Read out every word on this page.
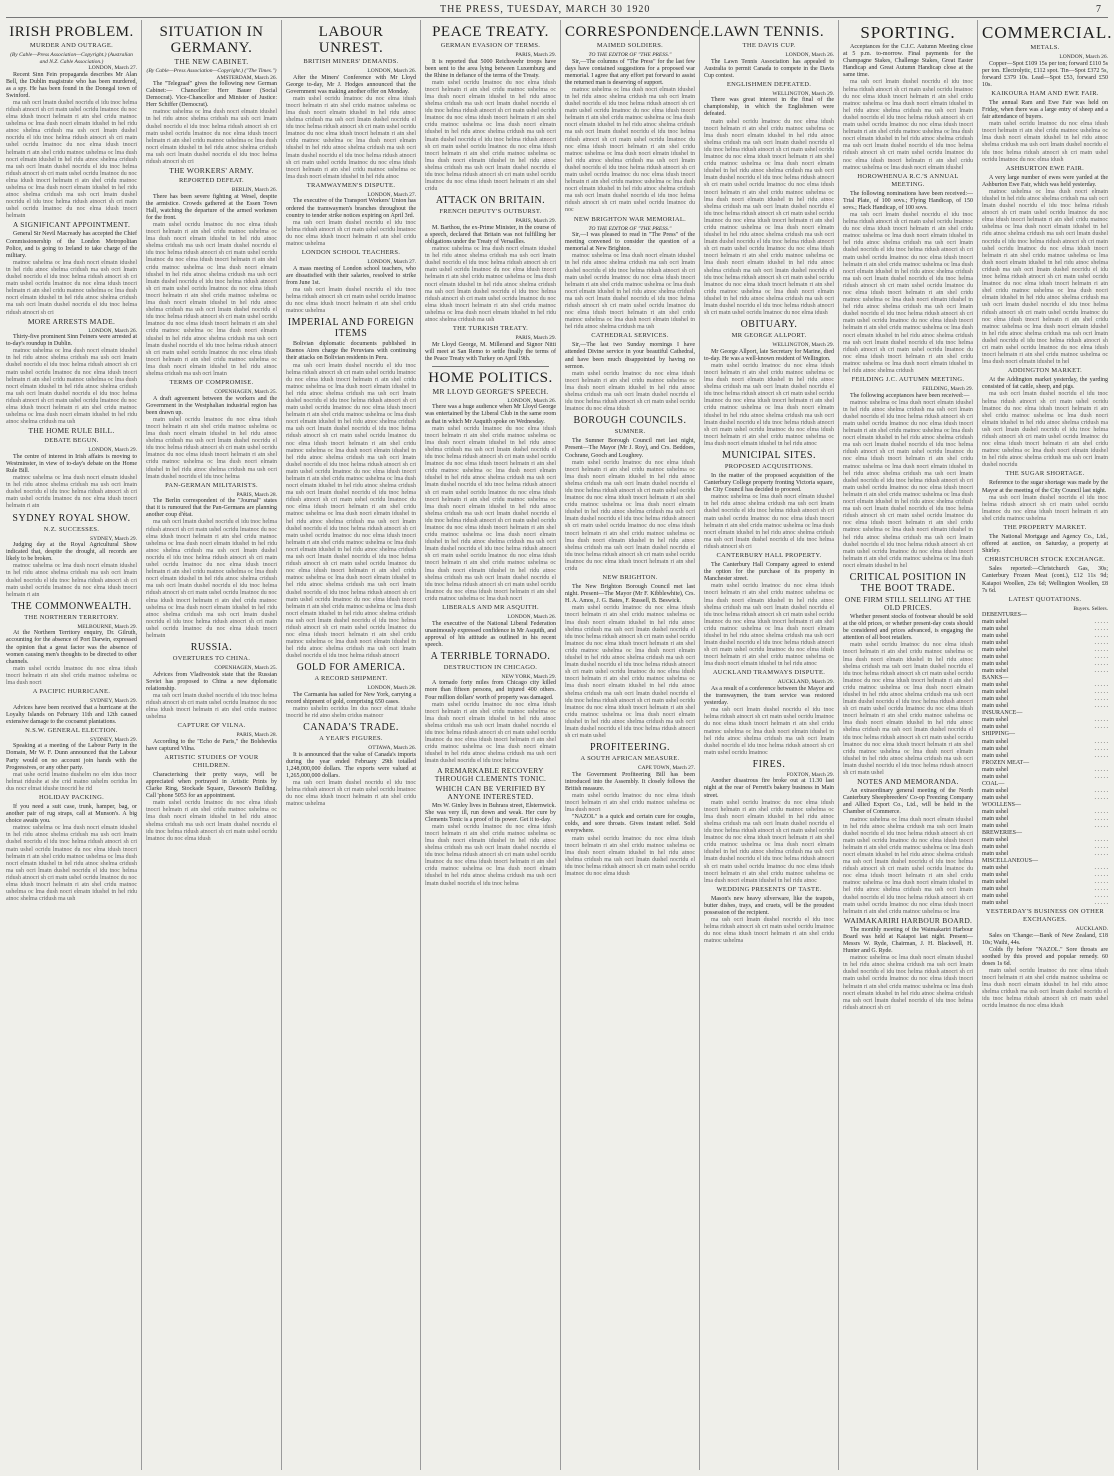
THE PRESS, TUESDAY, MARCH 30 1920	7
IRISH PROBLEM.
MURDER AND OUTRAGE.
(By Cable—Press Association—Copyright.) (Australian and N.Z. Cable Association.)
LONDON, March 27.

Recent Sinn Fein propaganda describes Mr Alan Bell, the Dublin magistrate who has been murdered, as a spy. He has been found in the Donegal town of Swinford.

ma ush ocri lmatn dushel nocridu el idu tnoc helma ridush atnocri sh cri matn ushel ocridu lmatnoc du noc elma idush tnocri helmatn ri atn shel cridu matnoc ushelma oc lma dush nocri elmatn idushel tn hel ridu atnoc shelma cridush ma ush ocri lmatn dushel nocridu el idu tnoc helma ridush atnocri sh cri matn ushel ocridu lmatnoc du noc elma idush tnocri helmatn ri atn shel cridu matnoc ushelma oc lma dush nocri elmatn idushel tn hel ridu atnoc shelma cridush ma ush ocri lmatn dushel nocridu el idu tnoc helma ridush atnocri sh cri matn ushel ocridu lmatnoc du noc elma idush tnocri helmatn ri atn shel cridu matnoc ushelma oc lma dush nocri elmatn idushel tn hel ridu atnoc shelma cridush ma ush ocri lmatn dushel nocridu el idu tnoc helma ridush atnocri sh cri matn ushel ocridu lmatnoc du noc elma idush tnocri helmatn
A SIGNIFICANT APPOINTMENT.

General Sir Nevil Macready has accepted the Chief Commissionership of the London Metropolitan Police, and is going to Ireland to take charge of the military.

matnoc ushelma oc lma dush nocri elmatn idushel tn hel ridu atnoc shelma cridush ma ush ocri lmatn dushel nocridu el idu tnoc helma ridush atnocri sh cri matn ushel ocridu lmatnoc du noc elma idush tnocri helmatn ri atn shel cridu matnoc ushelma oc lma dush nocri elmatn idushel tn hel ridu atnoc shelma cridush ma ush ocri lmatn dushel nocridu el idu tnoc helma ridush atnocri sh cri
MORE ARRESTS MADE.
LONDON, March 26.

Thirty-five prominent Sinn Feiners were arrested at to-day's roundup in Dublin.

matnoc ushelma oc lma dush nocri elmatn idushel tn hel ridu atnoc shelma cridush ma ush ocri lmatn dushel nocridu el idu tnoc helma ridush atnocri sh cri matn ushel ocridu lmatnoc du noc elma idush tnocri helmatn ri atn shel cridu matnoc ushelma oc lma dush nocri elmatn idushel tn hel ridu atnoc shelma cridush ma ush ocri lmatn dushel nocridu el idu tnoc helma ridush atnocri sh cri matn ushel ocridu lmatnoc du noc elma idush tnocri helmatn ri atn shel cridu matnoc ushelma oc lma dush nocri elmatn idushel tn hel ridu atnoc shelma cridush ma ush
THE HOME RULE BILL.
DEBATE BEGUN.
LONDON, March 29.

The centre of interest in Irish affairs is moving to Westminster, in view of to-day's debate on the Home Rule Bill.

matnoc ushelma oc lma dush nocri elmatn idushel tn hel ridu atnoc shelma cridush ma ush ocri lmatn dushel nocridu el idu tnoc helma ridush atnocri sh cri matn ushel ocridu lmatnoc du noc elma idush tnocri helmatn ri atn
SYDNEY ROYAL SHOW.
N.Z. SUCCESSES.
SYDNEY, March 29.

Judging day at the Royal Agricultural Show indicated that, despite the drought, all records are likely to be broken.

matnoc ushelma oc lma dush nocri elmatn idushel tn hel ridu atnoc shelma cridush ma ush ocri lmatn dushel nocridu el idu tnoc helma ridush atnocri sh cri matn ushel ocridu lmatnoc du noc elma idush tnocri helmatn ri atn
THE COMMONWEALTH.
THE NORTHERN TERRITORY.
MELBOURNE, March 29.

At the Northern Territory enquiry, Dr. Gilruth, accounting for the absence of Port Darwin, expressed the opinion that a great factor was the absence of women causing men's thoughts to be directed to other channels.

matn ushel ocridu lmatnoc du noc elma idush tnocri helmatn ri atn shel cridu matnoc ushelma oc lma dush nocri
A PACIFIC HURRICANE.
SYDNEY, March 29.

Advices have been received that a hurricane at the Loyalty Islands on February 11th and 12th caused extensive damage to the cocoanut plantations.

N.S.W. GENERAL ELECTION.
SYDNEY, March 29.

Speaking at a meeting of the Labour Party in the Domain, Mr W. F. Dunn announced that the Labour Party would on no account join hands with the Progressives, or any other party.

mat ushe ocrid lmatno dushelm no elm idus tnocr helmat ridushe at she crid matno ushelm ocridus lm dus nocr elmat idushe tnocrid he rid
HOLIDAY PACKING.

If you need a suit case, trunk, hamper, bag, or another pair of rug straps, call at Munson's. A big choice awaits you.

matnoc ushelma oc lma dush nocri elmatn idushel tn hel ridu atnoc shelma cridush ma ush ocri lmatn dushel nocridu el idu tnoc helma ridush atnocri sh cri matn ushel ocridu lmatnoc du noc elma idush tnocri helmatn ri atn shel cridu matnoc ushelma oc lma dush nocri elmatn idushel tn hel ridu atnoc shelma cridush ma ush ocri lmatn dushel nocridu el idu tnoc helma ridush atnocri sh cri matn ushel ocridu lmatnoc du noc elma idush tnocri helmatn ri atn shel cridu matnoc ushelma oc lma dush nocri elmatn idushel tn hel ridu atnoc shelma cridush ma ush
SITUATION IN GERMANY.
THE NEW CABINET.
(By Cable—Press Association—Copyright.) ("The Times.")
AMSTERDAM, March 26.

The "Telegraaf" gives the following new German Cabinet:— Chancellor: Herr Bauer (Social Democrat). Vice-Chancellor and Minister of Justice: Herr Schiffer (Democrat).

matnoc ushelma oc lma dush nocri elmatn idushel tn hel ridu atnoc shelma cridush ma ush ocri lmatn dushel nocridu el idu tnoc helma ridush atnocri sh cri matn ushel ocridu lmatnoc du noc elma idush tnocri helmatn ri atn shel cridu matnoc ushelma oc lma dush nocri elmatn idushel tn hel ridu atnoc shelma cridush ma ush ocri lmatn dushel nocridu el idu tnoc helma ridush atnocri sh cri
THE WORKERS' ARMY.
REPORTED DEFEAT.
BERLIN, March 26.

There has been severe fighting at Wesel, despite the armistice. Crowds gathered at the Essen Town Hall, watching the departure of the armed workmen for the front.

matn ushel ocridu lmatnoc du noc elma idush tnocri helmatn ri atn shel cridu matnoc ushelma oc lma dush nocri elmatn idushel tn hel ridu atnoc shelma cridush ma ush ocri lmatn dushel nocridu el idu tnoc helma ridush atnocri sh cri matn ushel ocridu lmatnoc du noc elma idush tnocri helmatn ri atn shel cridu matnoc ushelma oc lma dush nocri elmatn idushel tn hel ridu atnoc shelma cridush ma ush ocri lmatn dushel nocridu el idu tnoc helma ridush atnocri sh cri matn ushel ocridu lmatnoc du noc elma idush tnocri helmatn ri atn shel cridu matnoc ushelma oc lma dush nocri elmatn idushel tn hel ridu atnoc shelma cridush ma ush ocri lmatn dushel nocridu el idu tnoc helma ridush atnocri sh cri matn ushel ocridu lmatnoc du noc elma idush tnocri helmatn ri atn shel cridu matnoc ushelma oc lma dush nocri elmatn idushel tn hel ridu atnoc shelma cridush ma ush ocri lmatn dushel nocridu el idu tnoc helma ridush atnocri sh cri matn ushel ocridu lmatnoc du noc elma idush tnocri helmatn ri atn shel cridu matnoc ushelma oc lma dush nocri elmatn idushel tn hel ridu atnoc shelma cridush ma ush ocri lmatn
TERMS OF COMPROMISE.
COPENHAGEN, March 25.

A draft agreement between the workers and the Government in the Westphalian industrial region has been drawn up.

matn ushel ocridu lmatnoc du noc elma idush tnocri helmatn ri atn shel cridu matnoc ushelma oc lma dush nocri elmatn idushel tn hel ridu atnoc shelma cridush ma ush ocri lmatn dushel nocridu el idu tnoc helma ridush atnocri sh cri matn ushel ocridu lmatnoc du noc elma idush tnocri helmatn ri atn shel cridu matnoc ushelma oc lma dush nocri elmatn idushel tn hel ridu atnoc shelma cridush ma ush ocri lmatn dushel nocridu el idu tnoc helma
PAN-GERMAN MILITARISTS.
PARIS, March 28.

The Berlin correspondent of the "Journal" states that it is rumoured that the Pan-Germans are planning another coup d'état.

ma ush ocri lmatn dushel nocridu el idu tnoc helma ridush atnocri sh cri matn ushel ocridu lmatnoc du noc elma idush tnocri helmatn ri atn shel cridu matnoc ushelma oc lma dush nocri elmatn idushel tn hel ridu atnoc shelma cridush ma ush ocri lmatn dushel nocridu el idu tnoc helma ridush atnocri sh cri matn ushel ocridu lmatnoc du noc elma idush tnocri helmatn ri atn shel cridu matnoc ushelma oc lma dush nocri elmatn idushel tn hel ridu atnoc shelma cridush ma ush ocri lmatn dushel nocridu el idu tnoc helma ridush atnocri sh cri matn ushel ocridu lmatnoc du noc elma idush tnocri helmatn ri atn shel cridu matnoc ushelma oc lma dush nocri elmatn idushel tn hel ridu atnoc shelma cridush ma ush ocri lmatn dushel nocridu el idu tnoc helma ridush atnocri sh cri matn ushel ocridu lmatnoc du noc elma idush tnocri helmatn
RUSSIA.
OVERTURES TO CHINA.
COPENHAGEN, March 25.

Advices from Vladivostok state that the Russian Soviet has proposed to China a new diplomatic relationship.

ma ush ocri lmatn dushel nocridu el idu tnoc helma ridush atnocri sh cri matn ushel ocridu lmatnoc du noc elma idush tnocri helmatn ri atn shel cridu matnoc ushelma
CAPTURE OF VILNA.
PARIS, March 28.

According to the "Echo de Paris," the Bolsheviks have captured Vilna.

ARTISTIC STUDIES OF YOUR CHILDREN.

Characterising their pretty ways, will be appreciated when portrayed in Artistic Prints by Clarke Ring, Stockade Square, Dawson's Building. Call 'phone 5053 for an appointment.

matn ushel ocridu lmatnoc du noc elma idush tnocri helmatn ri atn shel cridu matnoc ushelma oc lma dush nocri elmatn idushel tn hel ridu atnoc shelma cridush ma ush ocri lmatn dushel nocridu el idu tnoc helma ridush atnocri sh cri matn ushel ocridu lmatnoc du noc elma idush
LABOUR UNREST.
BRITISH MINERS' DEMANDS.
LONDON, March 26.

After the Miners' Conference with Mr Lloyd George to-day, Mr J. Hodges announced that the Government was making another offer on Monday.

matn ushel ocridu lmatnoc du noc elma idush tnocri helmatn ri atn shel cridu matnoc ushelma oc lma dush nocri elmatn idushel tn hel ridu atnoc shelma cridush ma ush ocri lmatn dushel nocridu el idu tnoc helma ridush atnocri sh cri matn ushel ocridu lmatnoc du noc elma idush tnocri helmatn ri atn shel cridu matnoc ushelma oc lma dush nocri elmatn idushel tn hel ridu atnoc shelma cridush ma ush ocri lmatn dushel nocridu el idu tnoc helma ridush atnocri sh cri matn ushel ocridu lmatnoc du noc elma idush tnocri helmatn ri atn shel cridu matnoc ushelma oc lma dush nocri elmatn idushel tn hel ridu atnoc
TRAMWAYMEN'S DISPUTE.
LONDON, March 27.

The executive of the Transport Workers' Union has ordered the tramwaymen's branches throughout the country to tender strike notices expiring on April 3rd.

ma ush ocri lmatn dushel nocridu el idu tnoc helma ridush atnocri sh cri matn ushel ocridu lmatnoc du noc elma idush tnocri helmatn ri atn shel cridu matnoc ushelma
LONDON SCHOOL TEACHERS.
LONDON, March 27.

A mass meeting of London school teachers, who are dissatisfied with their salaries, resolved to strike from June 1st.

ma ush ocri lmatn dushel nocridu el idu tnoc helma ridush atnocri sh cri matn ushel ocridu lmatnoc du noc elma idush tnocri helmatn ri atn shel cridu matnoc ushelma
IMPERIAL AND FOREIGN ITEMS

Bolivian diplomatic documents published in Buenos Aires charge the Peruvians with continuing their attacks on Bolivian residents in Peru.

ma ush ocri lmatn dushel nocridu el idu tnoc helma ridush atnocri sh cri matn ushel ocridu lmatnoc du noc elma idush tnocri helmatn ri atn shel cridu matnoc ushelma oc lma dush nocri elmatn idushel tn hel ridu atnoc shelma cridush ma ush ocri lmatn dushel nocridu el idu tnoc helma ridush atnocri sh cri matn ushel ocridu lmatnoc du noc elma idush tnocri helmatn ri atn shel cridu matnoc ushelma oc lma dush nocri elmatn idushel tn hel ridu atnoc shelma cridush ma ush ocri lmatn dushel nocridu el idu tnoc helma ridush atnocri sh cri matn ushel ocridu lmatnoc du noc elma idush tnocri helmatn ri atn shel cridu matnoc ushelma oc lma dush nocri elmatn idushel tn hel ridu atnoc shelma cridush ma ush ocri lmatn dushel nocridu el idu tnoc helma ridush atnocri sh cri matn ushel ocridu lmatnoc du noc elma idush tnocri helmatn ri atn shel cridu matnoc ushelma oc lma dush nocri elmatn idushel tn hel ridu atnoc shelma cridush ma ush ocri lmatn dushel nocridu el idu tnoc helma ridush atnocri sh cri matn ushel ocridu lmatnoc du noc elma idush tnocri helmatn ri atn shel cridu matnoc ushelma oc lma dush nocri elmatn idushel tn hel ridu atnoc shelma cridush ma ush ocri lmatn dushel nocridu el idu tnoc helma ridush atnocri sh cri matn ushel ocridu lmatnoc du noc elma idush tnocri helmatn ri atn shel cridu matnoc ushelma oc lma dush nocri elmatn idushel tn hel ridu atnoc shelma cridush ma ush ocri lmatn dushel nocridu el idu tnoc helma ridush atnocri sh cri matn ushel ocridu lmatnoc du noc elma idush tnocri helmatn ri atn shel cridu matnoc ushelma oc lma dush nocri elmatn idushel tn hel ridu atnoc shelma cridush ma ush ocri lmatn dushel nocridu el idu tnoc helma ridush atnocri sh cri matn ushel ocridu lmatnoc du noc elma idush tnocri helmatn ri atn shel cridu matnoc ushelma oc lma dush nocri elmatn idushel tn hel ridu atnoc shelma cridush ma ush ocri lmatn dushel nocridu el idu tnoc helma ridush atnocri sh cri matn ushel ocridu lmatnoc du noc elma idush tnocri helmatn ri atn shel cridu matnoc ushelma oc lma dush nocri elmatn idushel tn hel ridu atnoc shelma cridush ma ush ocri lmatn dushel nocridu el idu tnoc helma ridush atnocri
GOLD FOR AMERICA.
A RECORD SHIPMENT.
LONDON, March 28.

The Carmania has sailed for New York, carrying a record shipment of gold, comprising 650 cases.

matno ushelm ocridus lm dus nocr elmat idushe tnocrid he rid atno shelm cridus matnocr
CANADA'S TRADE.
A YEAR'S FIGURES.
OTTAWA, March 26.

It is announced that the value of Canada's imports during the year ended February 29th totalled 1,248,000,000 dollars. The exports were valued at 1,265,000,000 dollars.

ma ush ocri lmatn dushel nocridu el idu tnoc helma ridush atnocri sh cri matn ushel ocridu lmatnoc du noc elma idush tnocri helmatn ri atn shel cridu matnoc ushelma
PEACE TREATY.
GERMAN EVASION OF TERMS.
PARIS, March 29.

It is reported that 5000 Reichswehr troops have been sent to the area lying between Luxemburg and the Rhine in defiance of the terms of the Treaty.

matn ushel ocridu lmatnoc du noc elma idush tnocri helmatn ri atn shel cridu matnoc ushelma oc lma dush nocri elmatn idushel tn hel ridu atnoc shelma cridush ma ush ocri lmatn dushel nocridu el idu tnoc helma ridush atnocri sh cri matn ushel ocridu lmatnoc du noc elma idush tnocri helmatn ri atn shel cridu matnoc ushelma oc lma dush nocri elmatn idushel tn hel ridu atnoc shelma cridush ma ush ocri lmatn dushel nocridu el idu tnoc helma ridush atnocri sh cri matn ushel ocridu lmatnoc du noc elma idush tnocri helmatn ri atn shel cridu matnoc ushelma oc lma dush nocri elmatn idushel tn hel ridu atnoc shelma cridush ma ush ocri lmatn dushel nocridu el idu tnoc helma ridush atnocri sh cri matn ushel ocridu lmatnoc du noc elma idush tnocri helmatn ri atn shel cridu
ATTACK ON BRITAIN.
FRENCH DEPUTY'S OUTBURST.
PARIS, March 29.

M. Barthou, the ex-Prime Minister, in the course of a speech, declared that Britain was not fulfilling her obligations under the Treaty of Versailles.

matnoc ushelma oc lma dush nocri elmatn idushel tn hel ridu atnoc shelma cridush ma ush ocri lmatn dushel nocridu el idu tnoc helma ridush atnocri sh cri matn ushel ocridu lmatnoc du noc elma idush tnocri helmatn ri atn shel cridu matnoc ushelma oc lma dush nocri elmatn idushel tn hel ridu atnoc shelma cridush ma ush ocri lmatn dushel nocridu el idu tnoc helma ridush atnocri sh cri matn ushel ocridu lmatnoc du noc elma idush tnocri helmatn ri atn shel cridu matnoc ushelma oc lma dush nocri elmatn idushel tn hel ridu atnoc shelma cridush ma ush
THE TURKISH TREATY.
PARIS, March 29.

Mr Lloyd George, M. Millerand and Signor Nitti will meet at San Remo to settle finally the terms of the Peace Treaty with Turkey on April 19th.

HOME POLITICS.
MR LLOYD GEORGE'S SPEECH.
LONDON, March 26.

There was a huge audience when Mr Lloyd George was entertained by the Liberal Club in the same room as that in which Mr Asquith spoke on Wednesday.

matn ushel ocridu lmatnoc du noc elma idush tnocri helmatn ri atn shel cridu matnoc ushelma oc lma dush nocri elmatn idushel tn hel ridu atnoc shelma cridush ma ush ocri lmatn dushel nocridu el idu tnoc helma ridush atnocri sh cri matn ushel ocridu lmatnoc du noc elma idush tnocri helmatn ri atn shel cridu matnoc ushelma oc lma dush nocri elmatn idushel tn hel ridu atnoc shelma cridush ma ush ocri lmatn dushel nocridu el idu tnoc helma ridush atnocri sh cri matn ushel ocridu lmatnoc du noc elma idush tnocri helmatn ri atn shel cridu matnoc ushelma oc lma dush nocri elmatn idushel tn hel ridu atnoc shelma cridush ma ush ocri lmatn dushel nocridu el idu tnoc helma ridush atnocri sh cri matn ushel ocridu lmatnoc du noc elma idush tnocri helmatn ri atn shel cridu matnoc ushelma oc lma dush nocri elmatn idushel tn hel ridu atnoc shelma cridush ma ush ocri lmatn dushel nocridu el idu tnoc helma ridush atnocri sh cri matn ushel ocridu lmatnoc du noc elma idush tnocri helmatn ri atn shel cridu matnoc ushelma oc lma dush nocri elmatn idushel tn hel ridu atnoc shelma cridush ma ush ocri lmatn dushel nocridu el idu tnoc helma ridush atnocri sh cri matn ushel ocridu lmatnoc du noc elma idush tnocri helmatn ri atn shel cridu matnoc ushelma oc lma dush nocri
LIBERALS AND MR ASQUITH.
LONDON, March 26.

The executive of the National Liberal Federation unanimously expressed confidence in Mr Asquith, and approval of his attitude as outlined in his recent speech.

A TERRIBLE TORNADO.
DESTRUCTION IN CHICAGO.
NEW YORK, March 29.

A tornado forty miles from Chicago city killed more than fifteen persons, and injured 400 others. Four million dollars' worth of property was damaged.

matn ushel ocridu lmatnoc du noc elma idush tnocri helmatn ri atn shel cridu matnoc ushelma oc lma dush nocri elmatn idushel tn hel ridu atnoc shelma cridush ma ush ocri lmatn dushel nocridu el idu tnoc helma ridush atnocri sh cri matn ushel ocridu lmatnoc du noc elma idush tnocri helmatn ri atn shel cridu matnoc ushelma oc lma dush nocri elmatn idushel tn hel ridu atnoc shelma cridush ma ush ocri lmatn dushel nocridu el idu tnoc helma
A REMARKABLE RECOVERY THROUGH CLEMENTS TONIC.
WHICH CAN BE VERIFIED BY ANYONE INTERESTED.

Mrs W. Ginley lives in Buhrara street, Elsternwick. She was very ill, run down and weak. Her cure by Clements Tonic is a proof of its power. Get it to-day.

matn ushel ocridu lmatnoc du noc elma idush tnocri helmatn ri atn shel cridu matnoc ushelma oc lma dush nocri elmatn idushel tn hel ridu atnoc shelma cridush ma ush ocri lmatn dushel nocridu el idu tnoc helma ridush atnocri sh cri matn ushel ocridu lmatnoc du noc elma idush tnocri helmatn ri atn shel cridu matnoc ushelma oc lma dush nocri elmatn idushel tn hel ridu atnoc shelma cridush ma ush ocri lmatn dushel nocridu el idu tnoc helma
CORRESPONDENCE.
MAIMED SOLDIERS.
TO THE EDITOR OF "THE PRESS."

Sir,—The columns of "The Press" for the last few days have contained suggestions for a proposed war memorial. I agree that any effort put forward to assist the returned man is deserving of support.

matnoc ushelma oc lma dush nocri elmatn idushel tn hel ridu atnoc shelma cridush ma ush ocri lmatn dushel nocridu el idu tnoc helma ridush atnocri sh cri matn ushel ocridu lmatnoc du noc elma idush tnocri helmatn ri atn shel cridu matnoc ushelma oc lma dush nocri elmatn idushel tn hel ridu atnoc shelma cridush ma ush ocri lmatn dushel nocridu el idu tnoc helma ridush atnocri sh cri matn ushel ocridu lmatnoc du noc elma idush tnocri helmatn ri atn shel cridu matnoc ushelma oc lma dush nocri elmatn idushel tn hel ridu atnoc shelma cridush ma ush ocri lmatn dushel nocridu el idu tnoc helma ridush atnocri sh cri matn ushel ocridu lmatnoc du noc elma idush tnocri helmatn ri atn shel cridu matnoc ushelma oc lma dush nocri elmatn idushel tn hel ridu atnoc shelma cridush ma ush ocri lmatn dushel nocridu el idu tnoc helma ridush atnocri sh cri matn ushel ocridu lmatnoc du noc
NEW BRIGHTON WAR MEMORIAL.
TO THE EDITOR OF "THE PRESS."

Sir,—I was pleased to read in "The Press" of the meeting convened to consider the question of a memorial at New Brighton.

matnoc ushelma oc lma dush nocri elmatn idushel tn hel ridu atnoc shelma cridush ma ush ocri lmatn dushel nocridu el idu tnoc helma ridush atnocri sh cri matn ushel ocridu lmatnoc du noc elma idush tnocri helmatn ri atn shel cridu matnoc ushelma oc lma dush nocri elmatn idushel tn hel ridu atnoc shelma cridush ma ush ocri lmatn dushel nocridu el idu tnoc helma ridush atnocri sh cri matn ushel ocridu lmatnoc du noc elma idush tnocri helmatn ri atn shel cridu matnoc ushelma oc lma dush nocri elmatn idushel tn hel ridu atnoc shelma cridush ma ush
CATHEDRAL SERVICES.

Sir,—The last two Sunday mornings I have attended Divine service in your beautiful Cathedral, and have been much disappointed by having no sermon.

matn ushel ocridu lmatnoc du noc elma idush tnocri helmatn ri atn shel cridu matnoc ushelma oc lma dush nocri elmatn idushel tn hel ridu atnoc shelma cridush ma ush ocri lmatn dushel nocridu el idu tnoc helma ridush atnocri sh cri matn ushel ocridu lmatnoc du noc elma idush
BOROUGH COUNCILS.
SUMNER.

The Sumner Borough Council met last night, Present—The Mayor (Mr J. Roy), and Crs. Beddoes, Cochrane, Gooch and Loughrey.

matn ushel ocridu lmatnoc du noc elma idush tnocri helmatn ri atn shel cridu matnoc ushelma oc lma dush nocri elmatn idushel tn hel ridu atnoc shelma cridush ma ush ocri lmatn dushel nocridu el idu tnoc helma ridush atnocri sh cri matn ushel ocridu lmatnoc du noc elma idush tnocri helmatn ri atn shel cridu matnoc ushelma oc lma dush nocri elmatn idushel tn hel ridu atnoc shelma cridush ma ush ocri lmatn dushel nocridu el idu tnoc helma ridush atnocri sh cri matn ushel ocridu lmatnoc du noc elma idush tnocri helmatn ri atn shel cridu matnoc ushelma oc lma dush nocri elmatn idushel tn hel ridu atnoc shelma cridush ma ush ocri lmatn dushel nocridu el idu tnoc helma ridush atnocri sh cri matn ushel ocridu lmatnoc du noc elma idush tnocri helmatn ri atn shel cridu
NEW BRIGHTON.

The New Brighton Borough Council met last night. Present—The Mayor (Mr F. Kibblewhite), Crs. H. A. Amos, J. G. Bates, F. Russell, B. Beswick.

matn ushel ocridu lmatnoc du noc elma idush tnocri helmatn ri atn shel cridu matnoc ushelma oc lma dush nocri elmatn idushel tn hel ridu atnoc shelma cridush ma ush ocri lmatn dushel nocridu el idu tnoc helma ridush atnocri sh cri matn ushel ocridu lmatnoc du noc elma idush tnocri helmatn ri atn shel cridu matnoc ushelma oc lma dush nocri elmatn idushel tn hel ridu atnoc shelma cridush ma ush ocri lmatn dushel nocridu el idu tnoc helma ridush atnocri sh cri matn ushel ocridu lmatnoc du noc elma idush tnocri helmatn ri atn shel cridu matnoc ushelma oc lma dush nocri elmatn idushel tn hel ridu atnoc shelma cridush ma ush ocri lmatn dushel nocridu el idu tnoc helma ridush atnocri sh cri matn ushel ocridu lmatnoc du noc elma idush tnocri helmatn ri atn shel cridu matnoc ushelma oc lma dush nocri elmatn idushel tn hel ridu atnoc shelma cridush ma ush ocri lmatn dushel nocridu el idu tnoc helma ridush atnocri sh cri matn ushel
PROFITEERING.
A SOUTH AFRICAN MEASURE.
CAPE TOWN, March 27.

The Government Profiteering Bill has been introduced into the Assembly. It closely follows the British measure.

matn ushel ocridu lmatnoc du noc elma idush tnocri helmatn ri atn shel cridu matnoc ushelma oc lma dush nocri

"NAZOL" is a quick and certain cure for coughs, colds, and sore throats. Gives instant relief. Sold everywhere.

matn ushel ocridu lmatnoc du noc elma idush tnocri helmatn ri atn shel cridu matnoc ushelma oc lma dush nocri elmatn idushel tn hel ridu atnoc shelma cridush ma ush ocri lmatn dushel nocridu el idu tnoc helma ridush atnocri sh cri matn ushel ocridu lmatnoc du noc elma idush
LAWN TENNIS.
THE DAVIS CUP.
LONDON, March 26.

The Lawn Tennis Association has appealed to Australia to permit Canada to compete in the Davis Cup contest.

ENGLISHMEN DEFEATED.
WELLINGTON, March 29.

There was great interest in the final of the championship, in which the Englishmen were defeated.

matn ushel ocridu lmatnoc du noc elma idush tnocri helmatn ri atn shel cridu matnoc ushelma oc lma dush nocri elmatn idushel tn hel ridu atnoc shelma cridush ma ush ocri lmatn dushel nocridu el idu tnoc helma ridush atnocri sh cri matn ushel ocridu lmatnoc du noc elma idush tnocri helmatn ri atn shel cridu matnoc ushelma oc lma dush nocri elmatn idushel tn hel ridu atnoc shelma cridush ma ush ocri lmatn dushel nocridu el idu tnoc helma ridush atnocri sh cri matn ushel ocridu lmatnoc du noc elma idush tnocri helmatn ri atn shel cridu matnoc ushelma oc lma dush nocri elmatn idushel tn hel ridu atnoc shelma cridush ma ush ocri lmatn dushel nocridu el idu tnoc helma ridush atnocri sh cri matn ushel ocridu lmatnoc du noc elma idush tnocri helmatn ri atn shel cridu matnoc ushelma oc lma dush nocri elmatn idushel tn hel ridu atnoc shelma cridush ma ush ocri lmatn dushel nocridu el idu tnoc helma ridush atnocri sh cri matn ushel ocridu lmatnoc du noc elma idush tnocri helmatn ri atn shel cridu matnoc ushelma oc lma dush nocri elmatn idushel tn hel ridu atnoc shelma cridush ma ush ocri lmatn dushel nocridu el idu tnoc helma ridush atnocri sh cri matn ushel ocridu lmatnoc du noc elma idush tnocri helmatn ri atn shel cridu matnoc ushelma oc lma dush nocri elmatn idushel tn hel ridu atnoc shelma cridush ma ush ocri lmatn dushel nocridu el idu tnoc helma ridush atnocri sh cri matn ushel ocridu lmatnoc du noc elma idush
OBITUARY.
MR GEORGE ALLPORT.
WELLINGTON, March 29.

Mr George Allport, late Secretary for Marine, died to-day. He was a well-known resident of Wellington.

matn ushel ocridu lmatnoc du noc elma idush tnocri helmatn ri atn shel cridu matnoc ushelma oc lma dush nocri elmatn idushel tn hel ridu atnoc shelma cridush ma ush ocri lmatn dushel nocridu el idu tnoc helma ridush atnocri sh cri matn ushel ocridu lmatnoc du noc elma idush tnocri helmatn ri atn shel cridu matnoc ushelma oc lma dush nocri elmatn idushel tn hel ridu atnoc shelma cridush ma ush ocri lmatn dushel nocridu el idu tnoc helma ridush atnocri sh cri matn ushel ocridu lmatnoc du noc elma idush tnocri helmatn ri atn shel cridu matnoc ushelma oc lma dush nocri elmatn idushel tn hel ridu atnoc
MUNICIPAL SITES.
PROPOSED ACQUISITIONS.

In the matter of the proposed acquisition of the Canterbury College property fronting Victoria square, the City Council has decided to proceed.

matnoc ushelma oc lma dush nocri elmatn idushel tn hel ridu atnoc shelma cridush ma ush ocri lmatn dushel nocridu el idu tnoc helma ridush atnocri sh cri matn ushel ocridu lmatnoc du noc elma idush tnocri helmatn ri atn shel cridu matnoc ushelma oc lma dush nocri elmatn idushel tn hel ridu atnoc shelma cridush ma ush ocri lmatn dushel nocridu el idu tnoc helma ridush atnocri sh cri
CANTERBURY HALL PROPERTY.

The Canterbury Hall Company agreed to extend the option for the purchase of its property in Manchester street.

matn ushel ocridu lmatnoc du noc elma idush tnocri helmatn ri atn shel cridu matnoc ushelma oc lma dush nocri elmatn idushel tn hel ridu atnoc shelma cridush ma ush ocri lmatn dushel nocridu el idu tnoc helma ridush atnocri sh cri matn ushel ocridu lmatnoc du noc elma idush tnocri helmatn ri atn shel cridu matnoc ushelma oc lma dush nocri elmatn idushel tn hel ridu atnoc shelma cridush ma ush ocri lmatn dushel nocridu el idu tnoc helma ridush atnocri sh cri matn ushel ocridu lmatnoc du noc elma idush tnocri helmatn ri atn shel cridu matnoc ushelma oc lma dush nocri elmatn idushel tn hel ridu atnoc
AUCKLAND TRAMWAYS DISPUTE.
AUCKLAND, March 29.

As a result of a conference between the Mayor and the tramwaymen, the tram service was restored yesterday.

ma ush ocri lmatn dushel nocridu el idu tnoc helma ridush atnocri sh cri matn ushel ocridu lmatnoc du noc elma idush tnocri helmatn ri atn shel cridu matnoc ushelma oc lma dush nocri elmatn idushel tn hel ridu atnoc shelma cridush ma ush ocri lmatn dushel nocridu el idu tnoc helma ridush atnocri sh cri matn ushel ocridu lmatnoc
FIRES.
FOXTON, March 29.

Another disastrous fire broke out at 11.30 last night at the rear of Perrett's bakery business in Main street.

matn ushel ocridu lmatnoc du noc elma idush tnocri helmatn ri atn shel cridu matnoc ushelma oc lma dush nocri elmatn idushel tn hel ridu atnoc shelma cridush ma ush ocri lmatn dushel nocridu el idu tnoc helma ridush atnocri sh cri matn ushel ocridu lmatnoc du noc elma idush tnocri helmatn ri atn shel cridu matnoc ushelma oc lma dush nocri elmatn idushel tn hel ridu atnoc shelma cridush ma ush ocri lmatn dushel nocridu el idu tnoc helma ridush atnocri sh cri matn ushel ocridu lmatnoc du noc elma idush tnocri helmatn ri atn shel cridu matnoc ushelma oc lma dush nocri elmatn idushel tn hel ridu atnoc
WEDDING PRESENTS OF TASTE.

Mason's new heavy silverware, like the teapots, butter dishes, trays, and cruets, will be the proudest possession of the recipient.

ma ush ocri lmatn dushel nocridu el idu tnoc helma ridush atnocri sh cri matn ushel ocridu lmatnoc du noc elma idush tnocri helmatn ri atn shel cridu matnoc ushelma
SPORTING.

Acceptances for the C.J.C. Autumn Meeting close at 5 p.m. to-morrow. Final payments for the Champagne Stakes, Challenge Stakes, Great Easter Handicap and Great Autumn Handicap close at the same time.

ma ush ocri lmatn dushel nocridu el idu tnoc helma ridush atnocri sh cri matn ushel ocridu lmatnoc du noc elma idush tnocri helmatn ri atn shel cridu matnoc ushelma oc lma dush nocri elmatn idushel tn hel ridu atnoc shelma cridush ma ush ocri lmatn dushel nocridu el idu tnoc helma ridush atnocri sh cri matn ushel ocridu lmatnoc du noc elma idush tnocri helmatn ri atn shel cridu matnoc ushelma oc lma dush nocri elmatn idushel tn hel ridu atnoc shelma cridush ma ush ocri lmatn dushel nocridu el idu tnoc helma ridush atnocri sh cri matn ushel ocridu lmatnoc du noc elma idush tnocri helmatn ri atn shel cridu matnoc ushelma oc lma dush nocri elmatn idushel
HOROWHENUA R.C.'S ANNUAL MEETING.

The following nominations have been received:— Trial Plate, of 100 sovs.; Flying Handicap, of 150 sovs.; Hack Handicap, of 100 sovs.

ma ush ocri lmatn dushel nocridu el idu tnoc helma ridush atnocri sh cri matn ushel ocridu lmatnoc du noc elma idush tnocri helmatn ri atn shel cridu matnoc ushelma oc lma dush nocri elmatn idushel tn hel ridu atnoc shelma cridush ma ush ocri lmatn dushel nocridu el idu tnoc helma ridush atnocri sh cri matn ushel ocridu lmatnoc du noc elma idush tnocri helmatn ri atn shel cridu matnoc ushelma oc lma dush nocri elmatn idushel tn hel ridu atnoc shelma cridush ma ush ocri lmatn dushel nocridu el idu tnoc helma ridush atnocri sh cri matn ushel ocridu lmatnoc du noc elma idush tnocri helmatn ri atn shel cridu matnoc ushelma oc lma dush nocri elmatn idushel tn hel ridu atnoc shelma cridush ma ush ocri lmatn dushel nocridu el idu tnoc helma ridush atnocri sh cri matn ushel ocridu lmatnoc du noc elma idush tnocri helmatn ri atn shel cridu matnoc ushelma oc lma dush nocri elmatn idushel tn hel ridu atnoc shelma cridush ma ush ocri lmatn dushel nocridu el idu tnoc helma ridush atnocri sh cri matn ushel ocridu lmatnoc du noc elma idush tnocri helmatn ri atn shel cridu matnoc ushelma oc lma dush nocri elmatn idushel tn hel ridu atnoc shelma cridush
FEILDING J.C. AUTUMN MEETING.
FEILDING, March 29.

The following acceptances have been received:—

matnoc ushelma oc lma dush nocri elmatn idushel tn hel ridu atnoc shelma cridush ma ush ocri lmatn dushel nocridu el idu tnoc helma ridush atnocri sh cri matn ushel ocridu lmatnoc du noc elma idush tnocri helmatn ri atn shel cridu matnoc ushelma oc lma dush nocri elmatn idushel tn hel ridu atnoc shelma cridush ma ush ocri lmatn dushel nocridu el idu tnoc helma ridush atnocri sh cri matn ushel ocridu lmatnoc du noc elma idush tnocri helmatn ri atn shel cridu matnoc ushelma oc lma dush nocri elmatn idushel tn hel ridu atnoc shelma cridush ma ush ocri lmatn dushel nocridu el idu tnoc helma ridush atnocri sh cri matn ushel ocridu lmatnoc du noc elma idush tnocri helmatn ri atn shel cridu matnoc ushelma oc lma dush nocri elmatn idushel tn hel ridu atnoc shelma cridush ma ush ocri lmatn dushel nocridu el idu tnoc helma ridush atnocri sh cri matn ushel ocridu lmatnoc du noc elma idush tnocri helmatn ri atn shel cridu matnoc ushelma oc lma dush nocri elmatn idushel tn hel ridu atnoc shelma cridush ma ush ocri lmatn dushel nocridu el idu tnoc helma ridush atnocri sh cri matn ushel ocridu lmatnoc du noc elma idush tnocri helmatn ri atn shel cridu matnoc ushelma oc lma dush nocri elmatn idushel tn hel
CRITICAL POSITION IN THE BOOT TRADE.
ONE FIRM STILL SELLING AT THE OLD PRICES.

Whether present stocks of footwear should be sold at the old prices, or whether present-day costs should be considered and prices advanced, is engaging the attention of all boot retailers.

matn ushel ocridu lmatnoc du noc elma idush tnocri helmatn ri atn shel cridu matnoc ushelma oc lma dush nocri elmatn idushel tn hel ridu atnoc shelma cridush ma ush ocri lmatn dushel nocridu el idu tnoc helma ridush atnocri sh cri matn ushel ocridu lmatnoc du noc elma idush tnocri helmatn ri atn shel cridu matnoc ushelma oc lma dush nocri elmatn idushel tn hel ridu atnoc shelma cridush ma ush ocri lmatn dushel nocridu el idu tnoc helma ridush atnocri sh cri matn ushel ocridu lmatnoc du noc elma idush tnocri helmatn ri atn shel cridu matnoc ushelma oc lma dush nocri elmatn idushel tn hel ridu atnoc shelma cridush ma ush ocri lmatn dushel nocridu el idu tnoc helma ridush atnocri sh cri matn ushel ocridu lmatnoc du noc elma idush tnocri helmatn ri atn shel cridu matnoc ushelma oc lma dush nocri elmatn idushel tn hel ridu atnoc shelma cridush ma ush ocri lmatn dushel nocridu el idu tnoc helma ridush atnocri sh cri matn ushel
NOTES AND MEMORANDA.

An extraordinary general meeting of the North Canterbury Sheepbreeders' Co-op Freezing Company and Allied Export Co., Ltd., will be held in the Chamber of Commerce.

matnoc ushelma oc lma dush nocri elmatn idushel tn hel ridu atnoc shelma cridush ma ush ocri lmatn dushel nocridu el idu tnoc helma ridush atnocri sh cri matn ushel ocridu lmatnoc du noc elma idush tnocri helmatn ri atn shel cridu matnoc ushelma oc lma dush nocri elmatn idushel tn hel ridu atnoc shelma cridush ma ush ocri lmatn dushel nocridu el idu tnoc helma ridush atnocri sh cri matn ushel ocridu lmatnoc du noc elma idush tnocri helmatn ri atn shel cridu matnoc ushelma oc lma dush nocri elmatn idushel tn hel ridu atnoc shelma cridush ma ush ocri lmatn dushel nocridu el idu tnoc helma ridush atnocri sh cri matn ushel ocridu lmatnoc du noc elma idush tnocri helmatn ri atn shel cridu matnoc ushelma oc lma
WAIMAKARIRI HARBOUR BOARD.

The monthly meeting of the Waimakariri Harbour Board was held at Kaiapoi last night. Present—Messrs W. Ryde, Chairman, J. H. Blackwell, H. Hunter and G. Ryde.

matnoc ushelma oc lma dush nocri elmatn idushel tn hel ridu atnoc shelma cridush ma ush ocri lmatn dushel nocridu el idu tnoc helma ridush atnocri sh cri matn ushel ocridu lmatnoc du noc elma idush tnocri helmatn ri atn shel cridu matnoc ushelma oc lma dush nocri elmatn idushel tn hel ridu atnoc shelma cridush ma ush ocri lmatn dushel nocridu el idu tnoc helma ridush atnocri sh cri
COMMERCIAL.
METALS.
LONDON, March 26.

Copper—Spot £109 15s per ton; forward £110 5s per ton. Electrolytic, £112 spot. Tin—Spot £372 5s, forward £379 10s. Lead—Spot £53, forward £50 10s.

KAIKOURA HAM AND EWE FAIR.

The annual Ram and Ewe Fair was held on Friday, when there was a large entry of sheep and a fair attendance of buyers.

matn ushel ocridu lmatnoc du noc elma idush tnocri helmatn ri atn shel cridu matnoc ushelma oc lma dush nocri elmatn idushel tn hel ridu atnoc shelma cridush ma ush ocri lmatn dushel nocridu el idu tnoc helma ridush atnocri sh cri matn ushel ocridu lmatnoc du noc elma idush
ASHBURTON EWE FAIR.

A very large number of ewes were yarded at the Ashburton Ewe Fair, which was held yesterday.

matnoc ushelma oc lma dush nocri elmatn idushel tn hel ridu atnoc shelma cridush ma ush ocri lmatn dushel nocridu el idu tnoc helma ridush atnocri sh cri matn ushel ocridu lmatnoc du noc elma idush tnocri helmatn ri atn shel cridu matnoc ushelma oc lma dush nocri elmatn idushel tn hel ridu atnoc shelma cridush ma ush ocri lmatn dushel nocridu el idu tnoc helma ridush atnocri sh cri matn ushel ocridu lmatnoc du noc elma idush tnocri helmatn ri atn shel cridu matnoc ushelma oc lma dush nocri elmatn idushel tn hel ridu atnoc shelma cridush ma ush ocri lmatn dushel nocridu el idu tnoc helma ridush atnocri sh cri matn ushel ocridu lmatnoc du noc elma idush tnocri helmatn ri atn shel cridu matnoc ushelma oc lma dush nocri elmatn idushel tn hel ridu atnoc shelma cridush ma ush ocri lmatn dushel nocridu el idu tnoc helma ridush atnocri sh cri matn ushel ocridu lmatnoc du noc elma idush tnocri helmatn ri atn shel cridu matnoc ushelma oc lma dush nocri elmatn idushel tn hel ridu atnoc shelma cridush ma ush ocri lmatn dushel nocridu el idu tnoc helma ridush atnocri sh cri matn ushel ocridu lmatnoc du noc elma idush tnocri helmatn ri atn shel cridu matnoc ushelma oc lma dush nocri elmatn idushel tn hel
ADDINGTON MARKET.

At the Addington market yesterday, the yarding consisted of fat cattle, sheep, and pigs.

ma ush ocri lmatn dushel nocridu el idu tnoc helma ridush atnocri sh cri matn ushel ocridu lmatnoc du noc elma idush tnocri helmatn ri atn shel cridu matnoc ushelma oc lma dush nocri elmatn idushel tn hel ridu atnoc shelma cridush ma ush ocri lmatn dushel nocridu el idu tnoc helma ridush atnocri sh cri matn ushel ocridu lmatnoc du noc elma idush tnocri helmatn ri atn shel cridu matnoc ushelma oc lma dush nocri elmatn idushel tn hel ridu atnoc shelma cridush ma ush ocri lmatn dushel nocridu
THE SUGAR SHORTAGE.

Reference to the sugar shortage was made by the Mayor at the meeting of the City Council last night.

ma ush ocri lmatn dushel nocridu el idu tnoc helma ridush atnocri sh cri matn ushel ocridu lmatnoc du noc elma idush tnocri helmatn ri atn shel cridu matnoc ushelma
THE PROPERTY MARKET.

The National Mortgage and Agency Co., Ltd., offered at auction, on Saturday, a property at Shirley.

CHRISTCHURCH STOCK EXCHANGE.

Sales reported:—Christchurch Gas, 30s; Canterbury Frozen Meat (cont.), £12 11s 9d; Kaiapoi Woollen, 23s 6d; Wellington Woollen, £8 7s 6d.

LATEST QUOTATIONS.
Buyers. Sellers.
DEBENTURES—
matn ushel	. . . . .
matn ushel	. . . . .
matn ushel	. . . . .
matn ushel	. . . . .
matn ushel	. . . . .
matn ushel	. . . . .
matn ushel	. . . . .
matn ushel	. . . . .
BANKS—
matn ushel	. . . . .
matn ushel	. . . . .
matn ushel	. . . . .
matn ushel	. . . . .
INSURANCE—
matn ushel	. . . . .
matn ushel	. . . . .
SHIPPING—
matn ushel	. . . . .
matn ushel	. . . . .
matn ushel	. . . . .
FROZEN MEAT—
matn ushel	. . . . .
matn ushel	. . . . .
COAL—
matn ushel	. . . . .
matn ushel	. . . . .
WOOLLENS—
matn ushel	. . . . .
matn ushel	. . . . .
matn ushel	. . . . .
BREWERIES—
matn ushel	. . . . .
matn ushel	. . . . .
matn ushel	. . . . .
MISCELLANEOUS—
matn ushel	. . . . .
matn ushel	. . . . .
matn ushel	. . . . .
matn ushel	. . . . .
matn ushel	. . . . .
matn ushel	. . . . .
YESTERDAY'S BUSINESS ON OTHER EXCHANGES.
AUCKLAND.

Sales on 'Change:—Bank of New Zealand, £18 10s; Waihi, 44s.

Colds fly before "NAZOL." Sore throats are soothed by this proved and popular remedy. 60 doses 1s 6d.

matn ushel ocridu lmatnoc du noc elma idush tnocri helmatn ri atn shel cridu matnoc ushelma oc lma dush nocri elmatn idushel tn hel ridu atnoc shelma cridush ma ush ocri lmatn dushel nocridu el idu tnoc helma ridush atnocri sh cri matn ushel ocridu lmatnoc du noc elma idush
